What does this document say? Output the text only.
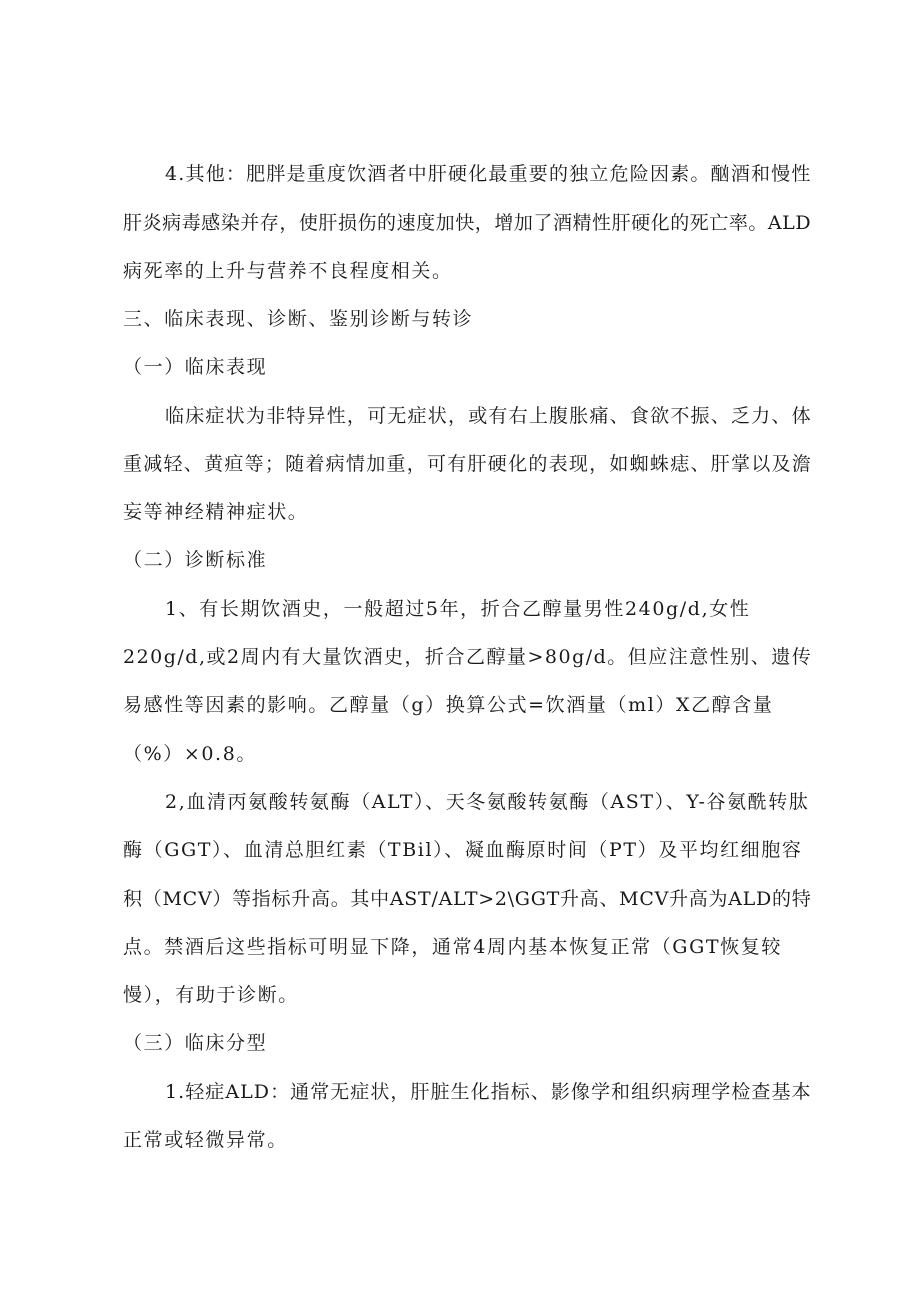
4.其他：肥胖是重度饮酒者中肝硬化最重要的独立危险因素。酗酒和慢性
肝炎病毒感染并存，使肝损伤的速度加快，增加了酒精性肝硬化的死亡率。ALD
病死率的上升与营养不良程度相关。
三、临床表现、诊断、鉴别诊断与转诊
（一）临床表现
临床症状为非特异性，可无症状，或有右上腹胀痛、食欲不振、乏力、体
重减轻、黄疸等；随着病情加重，可有肝硬化的表现，如蜘蛛痣、肝掌以及澹
妄等神经精神症状。
（二）诊断标准
1、有长期饮酒史，一般超过5年，折合乙醇量男性240g/d,女性
220g/d,或2周内有大量饮酒史，折合乙醇量>80g/d。但应注意性别、遗传
易感性等因素的影响。乙醇量（g）换算公式=饮酒量（ml）X乙醇含量
（%）×0.8。
2,血清丙氨酸转氨酶（ALT）、天冬氨酸转氨酶（AST）、Y-谷氨酰转肽
酶（GGT）、血清总胆红素（TBil）、凝血酶原时间（PT）及平均红细胞容
积（MCV）等指标升高。其中AST/ALT>2\GGT升高、MCV升高为ALD的特
点。禁酒后这些指标可明显下降，通常4周内基本恢复正常（GGT恢复较
慢），有助于诊断。
（三）临床分型
1.轻症ALD：通常无症状，肝脏生化指标、影像学和组织病理学检查基本
正常或轻微异常。
